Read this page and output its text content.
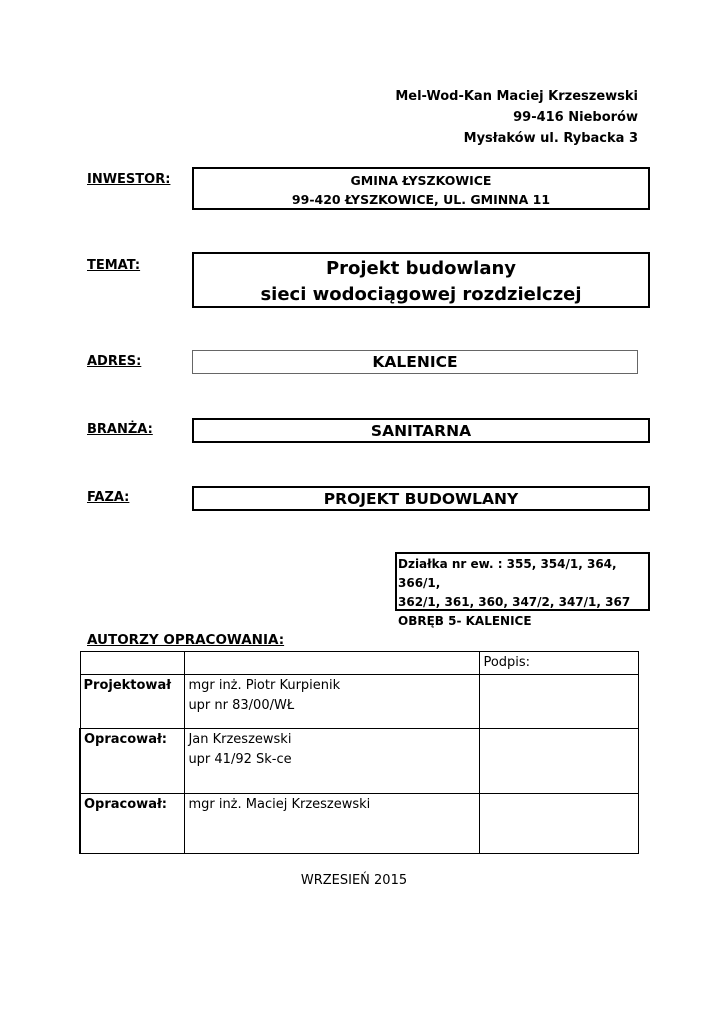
Mel-Wod-Kan Maciej Krzeszewski
99-416 Nieborów
Mysłaków ul. Rybacka 3
INWESTOR:	GMINA ŁYSZKOWICE
99-420 ŁYSZKOWICE, UL. GMINNA 11
TEMAT:	Projekt budowlany
sieci wodociągowej rozdzielczej
ADRES:	KALENICE
BRANŻA:	SANITARNA
FAZA:	PROJEKT BUDOWLANY
Działka nr ew. : 355, 354/1, 364, 366/1,
362/1, 361, 360, 347/2, 347/1, 367
OBRĘB 5- KALENICE
AUTORZY OPRACOWANIA:
		Podpis:
Projektował	mgr inż. Piotr Kurpienik
upr nr 83/00/WŁ	

Opracował:	Jan Krzeszewski
upr 41/92 Sk-ce	

Opracował:	mgr inż. Maciej Krzeszewski	

WRZESIEŃ 2015
